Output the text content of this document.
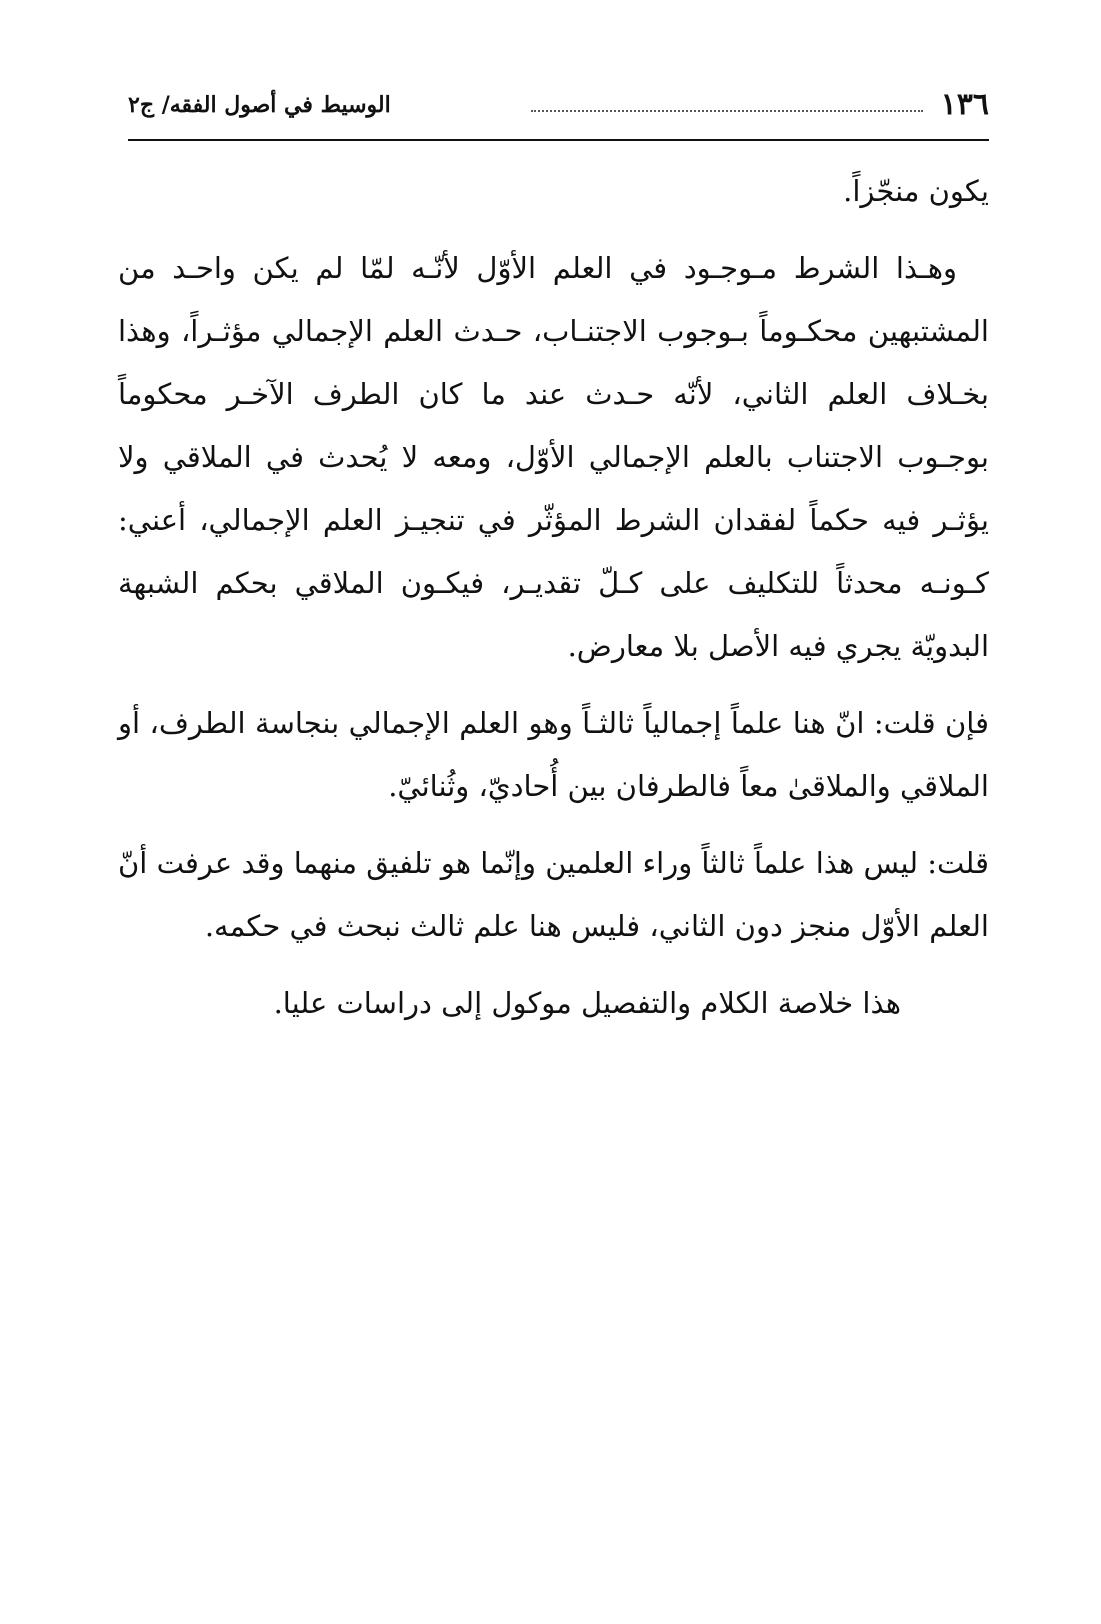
١٣٦
الوسيط في أصول الفقه/ ج٢

يكون منجّزاً.

وهـذا الشرط مـوجـود في العلم الأوّل لأنّـه لمّا لم يكن واحـد من المشتبهين محكـوماً بـوجوب الاجتنـاب، حـدث العلم الإجمالي مؤثـراً، وهذا بخـلاف العلم الثاني، لأنّه حـدث عند ما كان الطرف الآخـر محكوماً بوجـوب الاجتناب بالعلم الإجمالي الأوّل، ومعه لا يُحدث في الملاقي ولا يؤثـر فيه حكماً لفقدان الشرط المؤثّر في تنجيـز العلم الإجمالي، أعني: كـونـه محدثاً للتكليف على كـلّ تقديـر، فيكـون الملاقي بحكم الشبهة البدويّة يجري فيه الأصل بلا معارض.

فإن قلت: انّ هنا علماً إجمالياً ثالثـاً وهو العلم الإجمالي بنجاسة الطرف، أو الملاقي والملاقىٰ معاً فالطرفان بين أُحاديّ، وثُنائيّ.

قلت: ليس هذا علماً ثالثاً وراء العلمين وإنّما هو تلفيق منهما وقد عرفت أنّ العلم الأوّل منجز دون الثاني، فليس هنا علم ثالث نبحث في حكمه.

هذا خلاصة الكلام والتفصيل موكول إلى دراسات عليا.
